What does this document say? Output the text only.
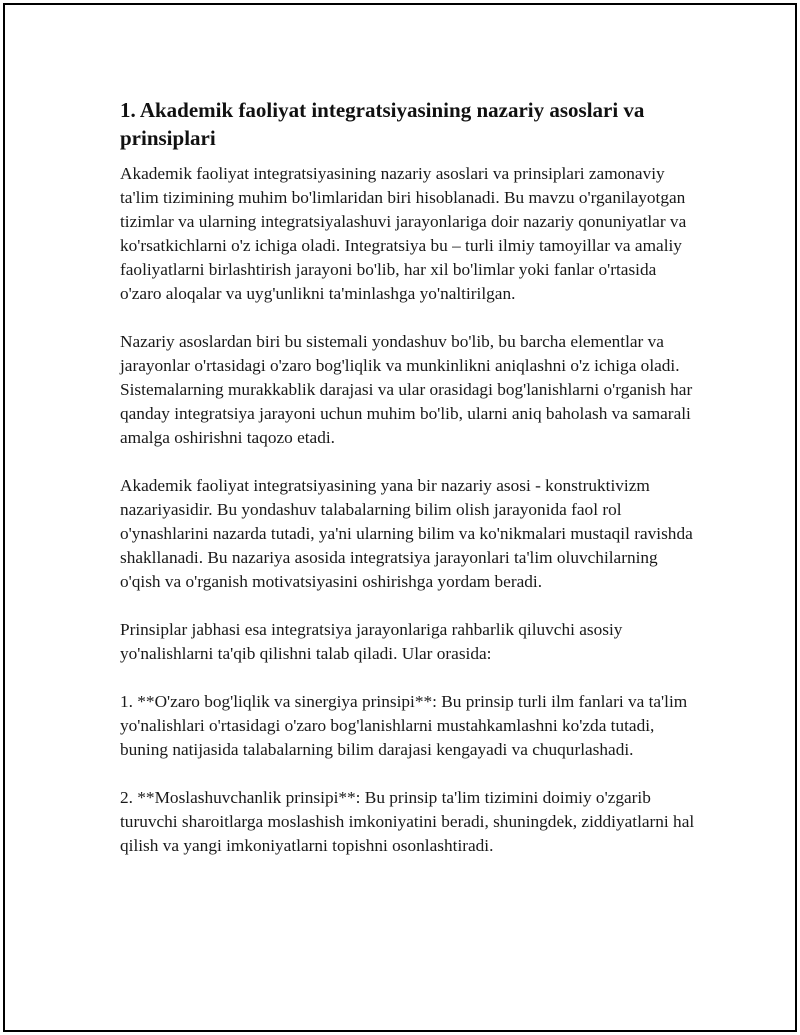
1. Akademik faoliyat integratsiyasining nazariy asoslari va prinsiplari

Akademik faoliyat integratsiyasining nazariy asoslari va prinsiplari zamonaviy ta'lim tizimining muhim bo'limlaridan biri hisoblanadi. Bu mavzu o'rganilayotgan tizimlar va ularning integratsiyalashuvi jarayonlariga doir nazariy qonuniyatlar va ko'rsatkichlarni o'z ichiga oladi. Integratsiya bu – turli ilmiy tamoyillar va amaliy faoliyatlarni birlashtirish jarayoni bo'lib, har xil bo'limlar yoki fanlar o'rtasida o'zaro aloqalar va uyg'unlikni ta'minlashga yo'naltirilgan.

Nazariy asoslardan biri bu sistemali yondashuv bo'lib, bu barcha elementlar va jarayonlar o'rtasidagi o'zaro bog'liqlik va munkinlikni aniqlashni o'z ichiga oladi. Sistemalarning murakkablik darajasi va ular orasidagi bog'lanishlarni o'rganish har qanday integratsiya jarayoni uchun muhim bo'lib, ularni aniq baholash va samarali amalga oshirishni taqozo etadi.

Akademik faoliyat integratsiyasining yana bir nazariy asosi - konstruktivizm nazariyasidir. Bu yondashuv talabalarning bilim olish jarayonida faol rol o'ynashlarini nazarda tutadi, ya'ni ularning bilim va ko'nikmalari mustaqil ravishda shakllanadi. Bu nazariya asosida integratsiya jarayonlari ta'lim oluvchilarning o'qish va o'rganish motivatsiyasini oshirishga yordam beradi.

Prinsiplar jabhasi esa integratsiya jarayonlariga rahbarlik qiluvchi asosiy yo'nalishlarni ta'qib qilishni talab qiladi. Ular orasida:

1. **O'zaro bog'liqlik va sinergiya prinsipi**: Bu prinsip turli ilm fanlari va ta'lim yo'nalishlari o'rtasidagi o'zaro bog'lanishlarni mustahkamlashni ko'zda tutadi, buning natijasida talabalarning bilim darajasi kengayadi va chuqurlashadi.

2. **Moslashuvchanlik prinsipi**: Bu prinsip ta'lim tizimini doimiy o'zgarib turuvchi sharoitlarga moslashish imkoniyatini beradi, shuningdek, ziddiyatlarni hal qilish va yangi imkoniyatlarni topishni osonlashtiradi.
